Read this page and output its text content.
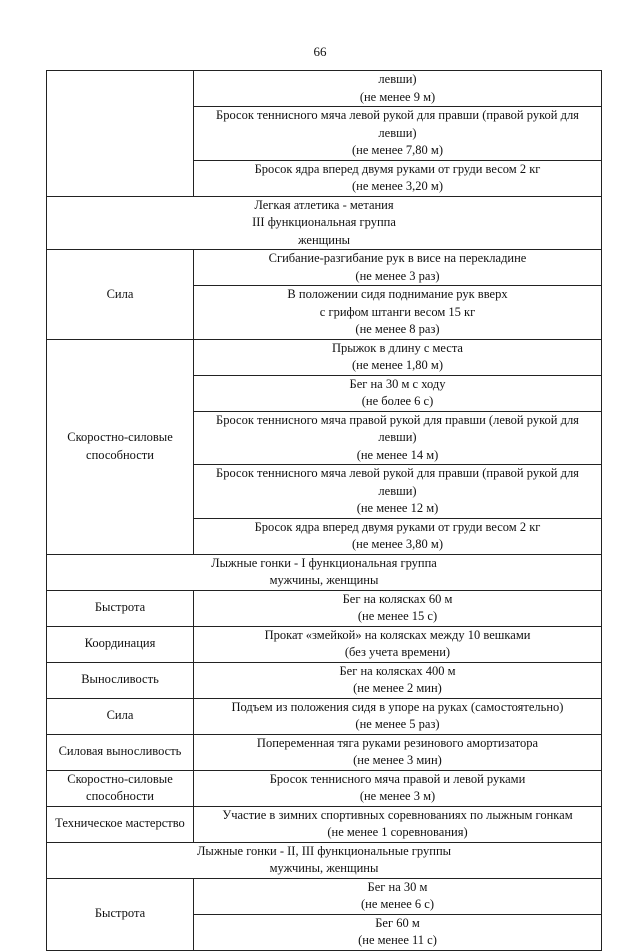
66

	левши)
(не менее 9 м)

	Бросок теннисного мяча левой рукой для правши (правой рукой для
левши)
(не менее 7,80 м)

	Бросок ядра вперед двумя руками от груди весом 2 кг
(не менее 3,20 м)

Легкая атлетика - метания
III функциональная группа
женщины	

Сила	Сгибание-разгибание рук в висе на перекладине
(не менее 3 раз)

	В положении сидя поднимание рук вверх
с грифом штанги весом 15 кг
(не менее 8 раз)

Скоростно-силовые способности	Прыжок в длину с места
(не менее 1,80 м)

	Бег на 30 м с ходу
(не более 6 с)

	Бросок теннисного мяча правой рукой для правши (левой рукой для
левши)
(не менее 14 м)

	Бросок теннисного мяча левой рукой для правши (правой рукой для
левши)
(не менее 12 м)

	Бросок ядра вперед двумя руками от груди весом 2 кг
(не менее 3,80 м)

Лыжные гонки - I функциональная группа
мужчины, женщины	

Быстрота	Бег на колясках 60 м
(не менее 15 с)

Координация	Прокат «змейкой» на колясках между 10 вешками
(без учета времени)

Выносливость	Бег на колясках 400 м
(не менее 2 мин)

Сила	Подъем из положения сидя в упоре на руках (самостоятельно)
(не менее 5 раз)

Силовая выносливость	Попеременная тяга руками резинового амортизатора
(не менее 3 мин)

Скоростно-силовые способности	Бросок теннисного мяча правой и левой руками
(не менее 3 м)

Техническое мастерство	Участие в зимних спортивных соревнованиях по лыжным гонкам
(не менее 1 соревнования)

Лыжные гонки - II, III функциональные группы
мужчины, женщины	

Быстрота	Бег на 30 м
(не менее 6 с)

	Бег 60 м
(не менее 11 с)
